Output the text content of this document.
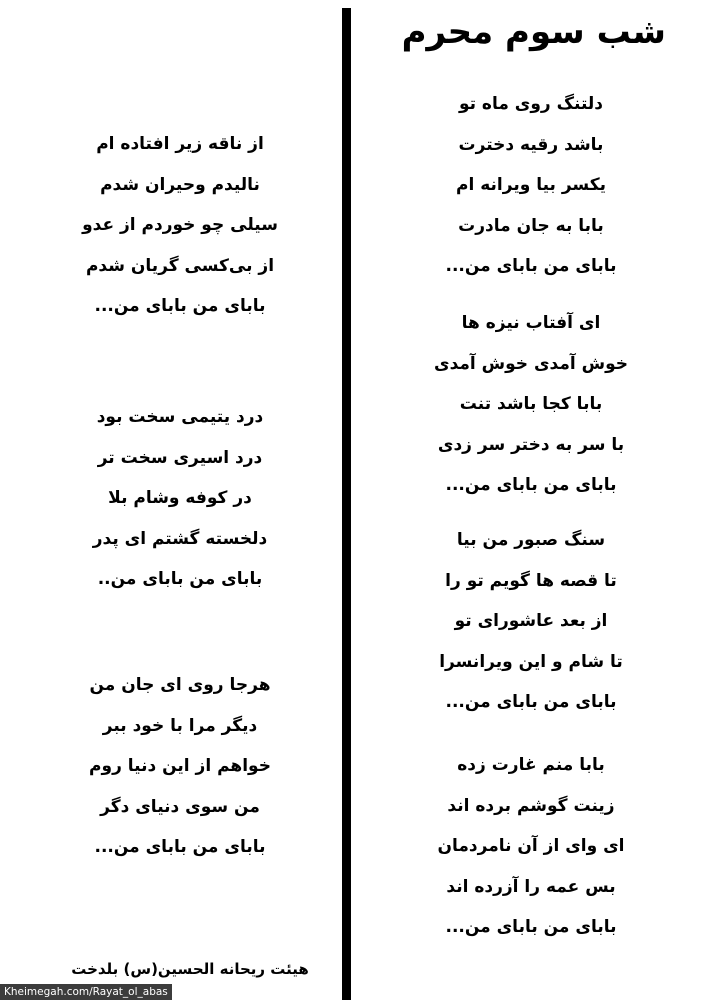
شب سوم محرم
دلتنگ روی ماه تو
باشد رقیه دخترت
یکسر بیا ویرانه ام
بابا به جان مادرت
بابای من بابای من...
ای آفتاب نیزه ها
خوش آمدی خوش آمدی
بابا کجا باشد تنت
با سر به دختر سر زدی
بابای من بابای من...
سنگ صبور من بیا
تا قصه ها گویم تو را
از بعد عاشورای تو
تا شام و این ویرانسرا
بابای من بابای من...
بابا منم غارت زده
زینت گوشم برده اند
ای وای از آن نامردمان
بس عمه را آزرده اند
بابای من بابای من...
از ناقه زیر افتاده ام
نالیدم وحیران شدم
سیلی چو خوردم از عدو
از بی‌کسی گریان شدم
بابای من بابای من...
درد یتیمی سخت بود
درد اسیری سخت تر
در کوفه وشام بلا
دلخسته گشتم ای پدر
بابای من بابای من..
هرجا روی ای جان من
دیگر مرا با خود ببر
خواهم از این دنیا روم
من سوی دنیای دگر
بابای من بابای من...
هیئت ریحانه الحسین(س) بلدخت
Kheimegah.com/Rayat_ol_abas
